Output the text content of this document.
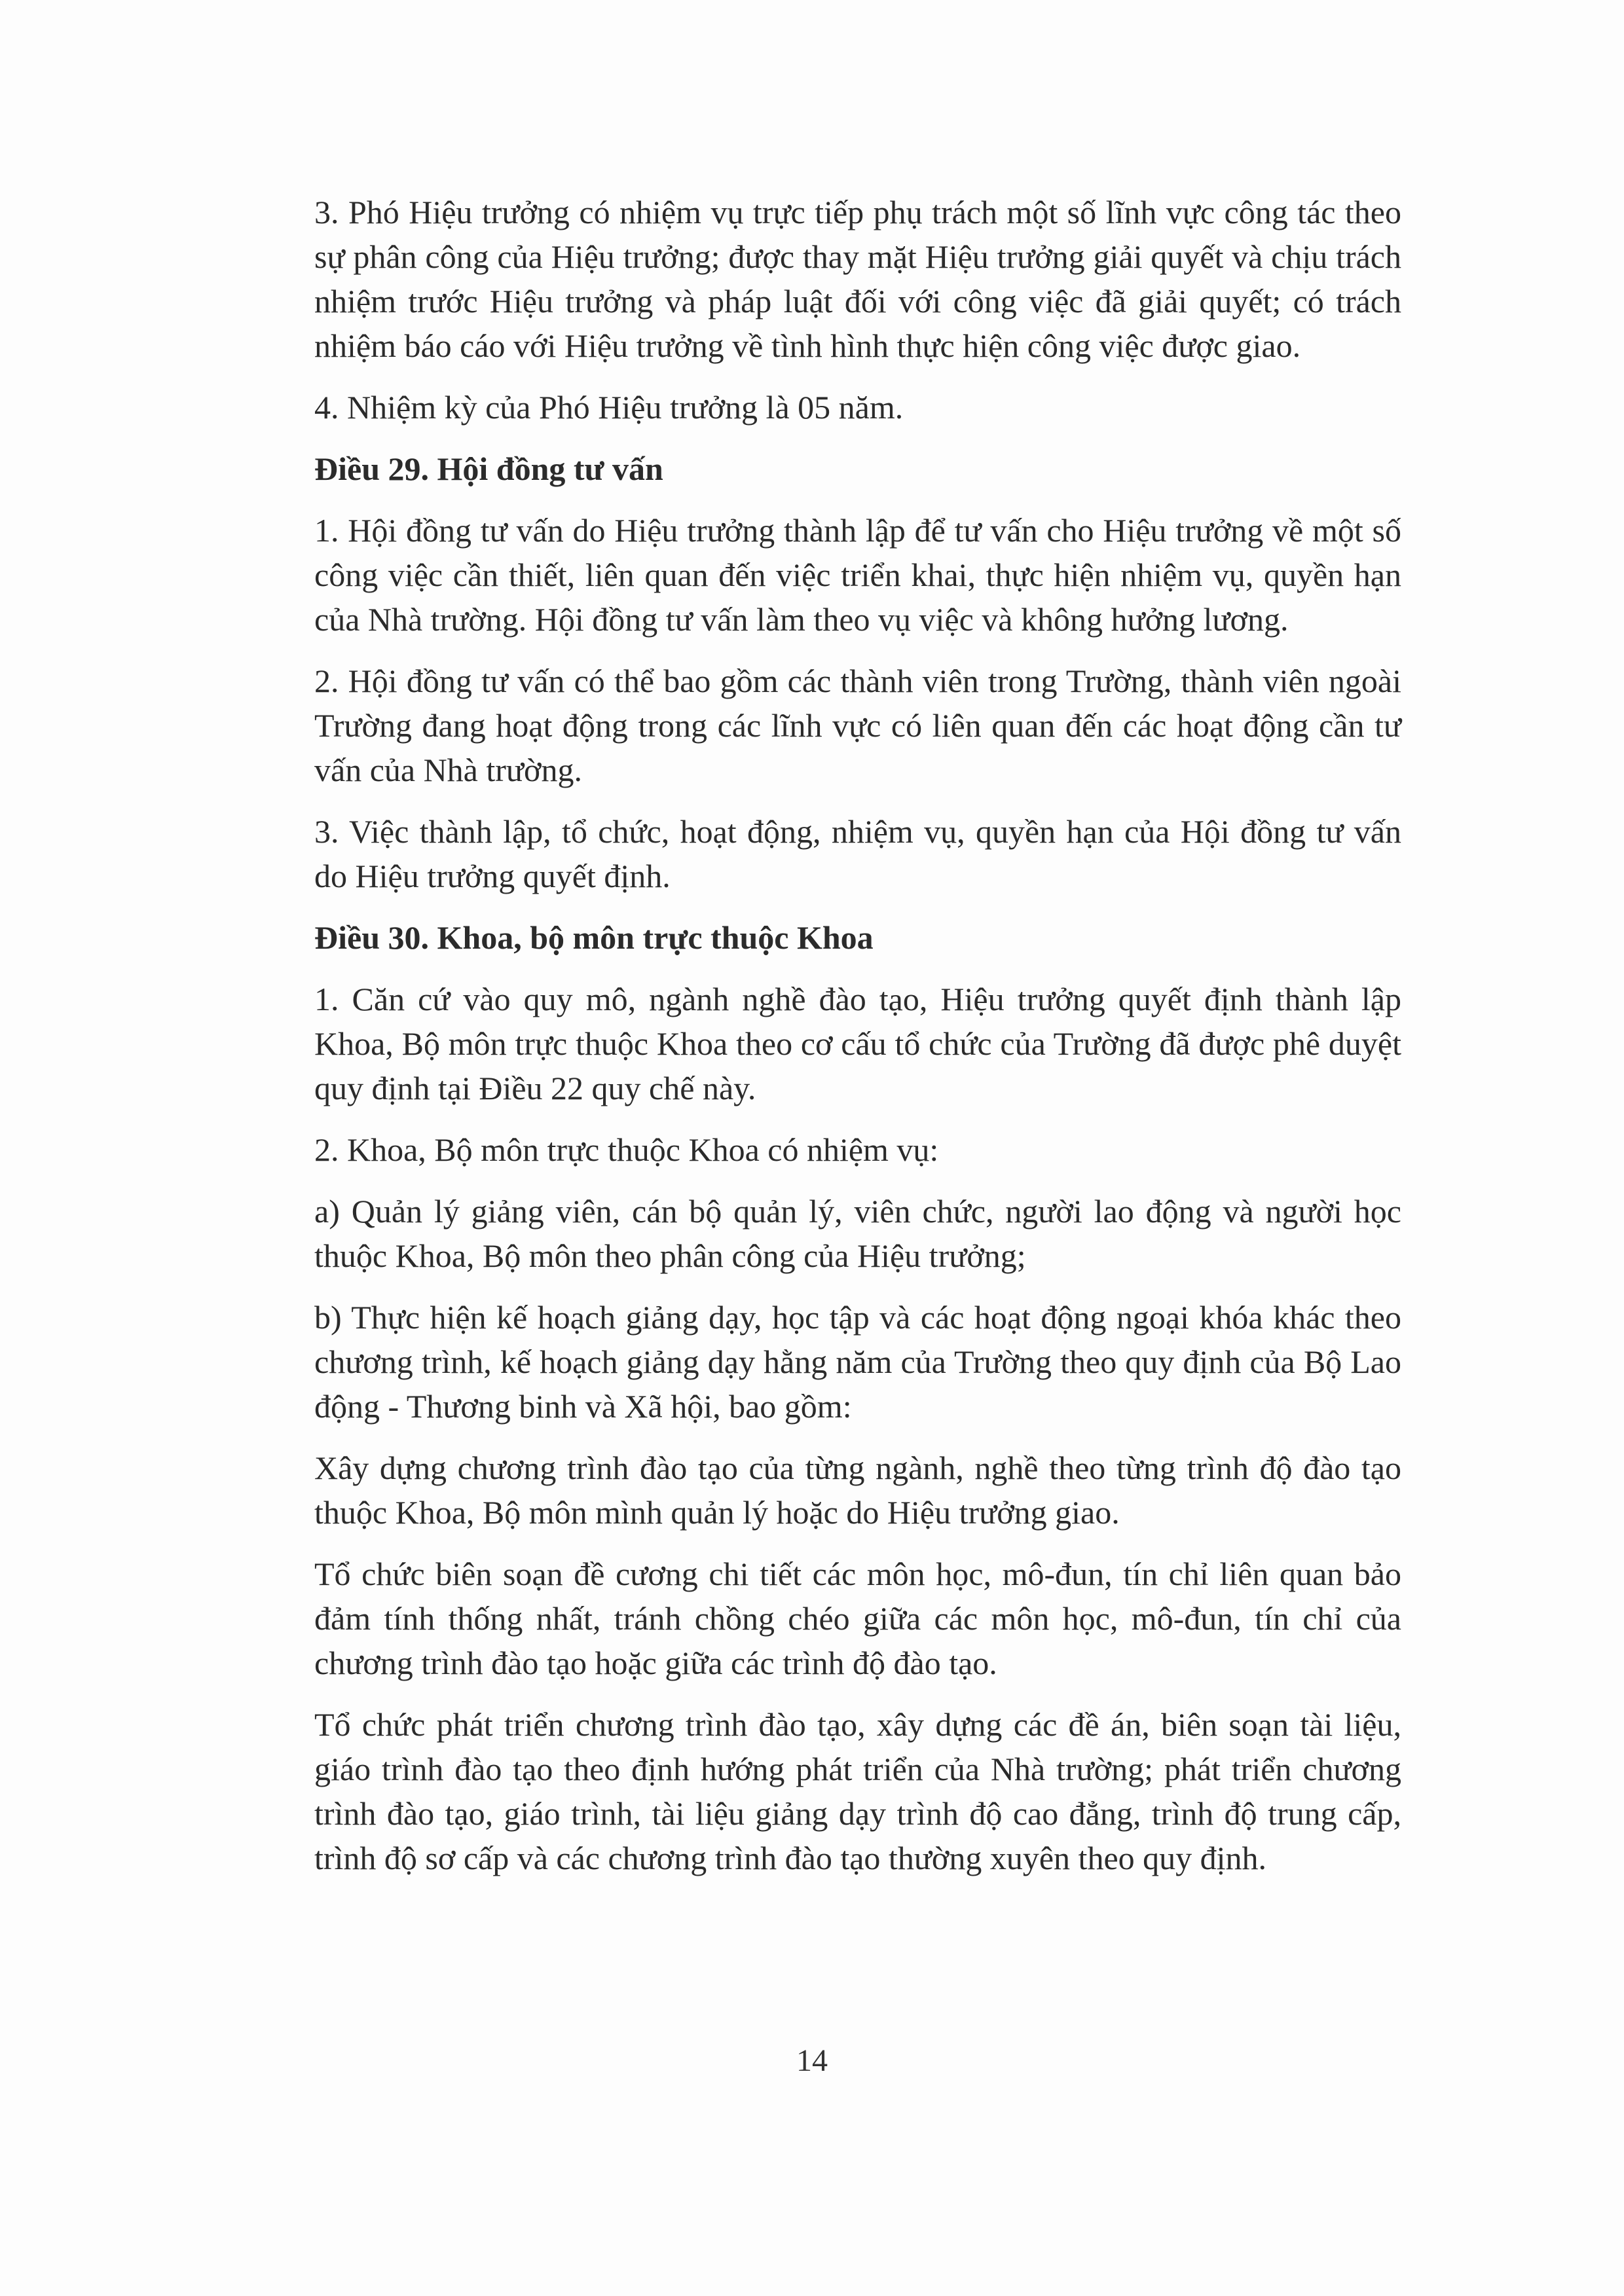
3. Phó Hiệu trưởng có nhiệm vụ trực tiếp phụ trách một số lĩnh vực công tác theo sự phân công của Hiệu trưởng; được thay mặt Hiệu trưởng giải quyết và chịu trách nhiệm trước Hiệu trưởng và pháp luật đối với công việc đã giải quyết; có trách nhiệm báo cáo với Hiệu trưởng về tình hình thực hiện công việc được giao.

4. Nhiệm kỳ của Phó Hiệu trưởng là 05 năm.

Điều 29. Hội đồng tư vấn

1. Hội đồng tư vấn do Hiệu trưởng thành lập để tư vấn cho Hiệu trưởng về một số công việc cần thiết, liên quan đến việc triển khai, thực hiện nhiệm vụ, quyền hạn của Nhà trường. Hội đồng tư vấn làm theo vụ việc và không hưởng lương.

2. Hội đồng tư vấn có thể bao gồm các thành viên trong Trường, thành viên ngoài Trường đang hoạt động trong các lĩnh vực có liên quan đến các hoạt động cần tư vấn của Nhà trường.

3. Việc thành lập, tổ chức, hoạt động, nhiệm vụ, quyền hạn của Hội đồng tư vấn do Hiệu trưởng quyết định.

Điều 30. Khoa, bộ môn trực thuộc Khoa

1. Căn cứ vào quy mô, ngành nghề đào tạo, Hiệu trưởng quyết định thành lập Khoa, Bộ môn trực thuộc Khoa theo cơ cấu tổ chức của Trường đã được phê duyệt quy định tại Điều 22 quy chế này.

2. Khoa, Bộ môn trực thuộc Khoa có nhiệm vụ:

a) Quản lý giảng viên, cán bộ quản lý, viên chức, người lao động và người học thuộc Khoa, Bộ môn theo phân công của Hiệu trưởng;

b) Thực hiện kế hoạch giảng dạy, học tập và các hoạt động ngoại khóa khác theo chương trình, kế hoạch giảng dạy hằng năm của Trường theo quy định của Bộ Lao động - Thương binh và Xã hội, bao gồm:

Xây dựng chương trình đào tạo của từng ngành, nghề theo từng trình độ đào tạo thuộc Khoa, Bộ môn mình quản lý hoặc do Hiệu trưởng giao.

Tổ chức biên soạn đề cương chi tiết các môn học, mô-đun, tín chỉ liên quan bảo đảm tính thống nhất, tránh chồng chéo giữa các môn học, mô-đun, tín chỉ của chương trình đào tạo hoặc giữa các trình độ đào tạo.

Tổ chức phát triển chương trình đào tạo, xây dựng các đề án, biên soạn tài liệu, giáo trình đào tạo theo định hướng phát triển của Nhà trường; phát triển chương trình đào tạo, giáo trình, tài liệu giảng dạy trình độ cao đẳng, trình độ trung cấp, trình độ sơ cấp và các chương trình đào tạo thường xuyên theo quy định.

14
